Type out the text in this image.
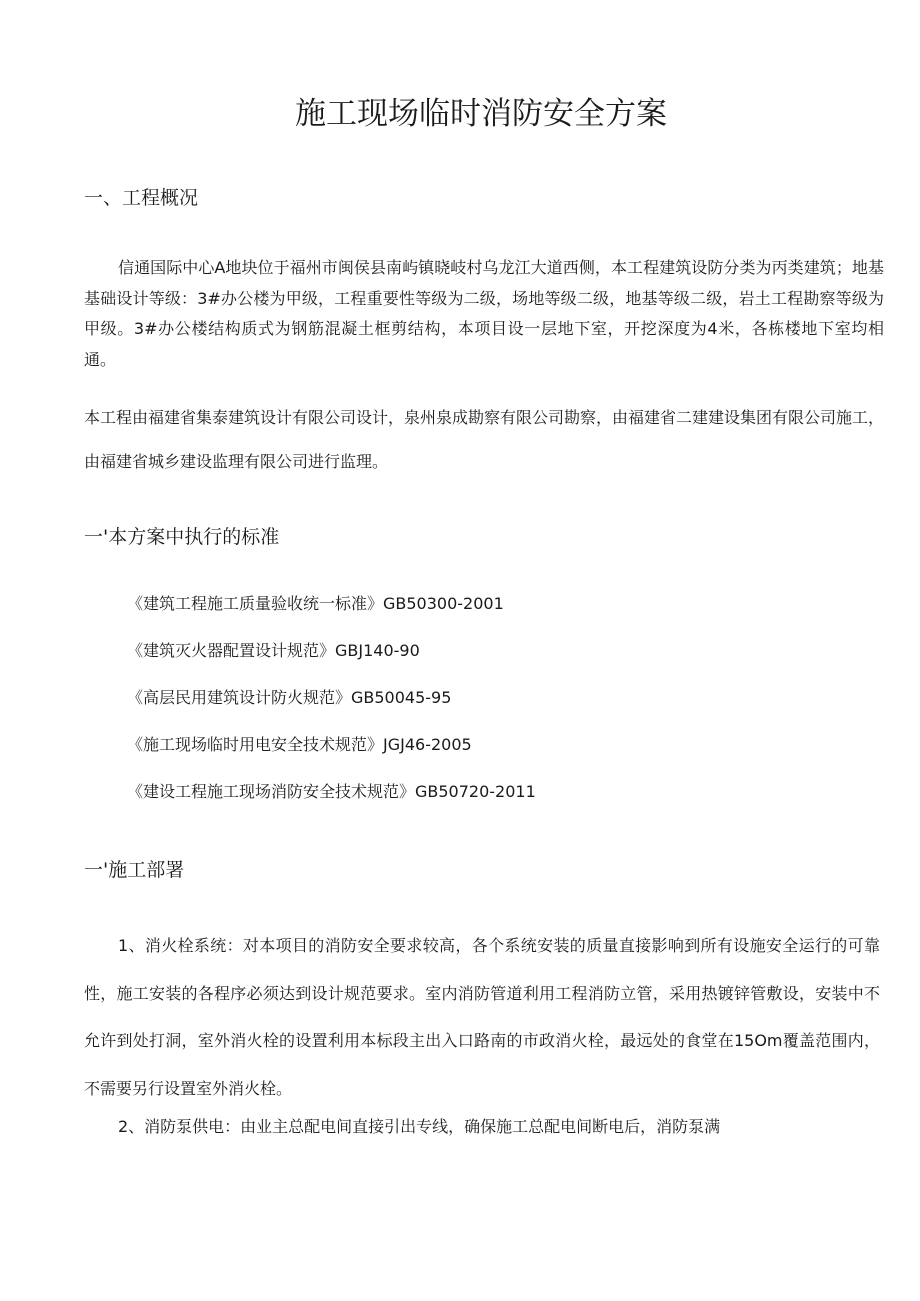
施工现场临时消防安全方案
一、工程概况
信通国际中心A地块位于福州市闽侯县南屿镇晓岐村乌龙江大道西侧，本工程建筑设防分类为丙类建筑；地基基础设计等级：3#办公楼为甲级，工程重要性等级为二级，场地等级二级，地基等级二级，岩土工程勘察等级为甲级。3#办公楼结构质式为钢筋混凝土框剪结构，本项目设一层地下室，开挖深度为4米，各栋楼地下室均相通。
本工程由福建省集泰建筑设计有限公司设计，泉州泉成勘察有限公司勘察，由福建省二建建设集团有限公司施工，由福建省城乡建设监理有限公司进行监理。
一'本方案中执行的标准
《建筑工程施工质量验收统一标准》GB50300-2001
《建筑灭火器配置设计规范》GBJ140-90
《高层民用建筑设计防火规范》GB50045-95
《施工现场临时用电安全技术规范》JGJ46-2005
《建设工程施工现场消防安全技术规范》GB50720-2011
一'施工部署
1、消火栓系统：对本项目的消防安全要求较高，各个系统安装的质量直接影响到所有设施安全运行的可靠性，施工安装的各程序必须达到设计规范要求。室内消防管道利用工程消防立管，采用热镀锌管敷设，安装中不允许到处打洞，室外消火栓的设置利用本标段主出入口路南的市政消火栓，最远处的食堂在15Om覆盖范围内，不需要另行设置室外消火栓。
2、消防泵供电：由业主总配电间直接引出专线，确保施工总配电间断电后，消防泵满
